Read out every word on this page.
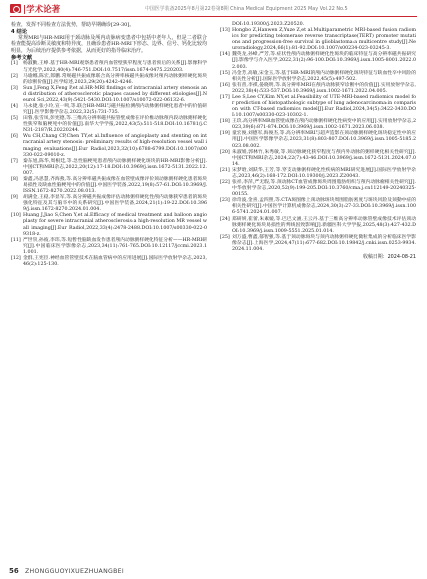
|学术论著	中国医学装备2025年8月第22卷第8期 China Medical Equipment 2025 May Vol.22 No.5

检查，发挥不同检查方法优势，帮助早期确诊[29-30]。

4 结论

常规MRI与HR-MRI用于颈动脉及颅内动脉病变患者中包括中老年人，但是二者联合检查能提高诊断灵敏度和特异度，且确诊患者HR-MRI下形态、边界、信号、钙化比较均明显，为后续治疗提供参考依据，从而更好的指导临床治疗。

参考文献
[1]	杨淑勤,王峥.基于HR-MRI观察患者颅内血管壁狭窄程度与患者预后的关系[J].影像科学与光化学,2022,40(4):746-751.DOI:10.7517/issn.1674-0475.220203.
[2]	马瑜娜,陈宏,郎鹏.常规磁共振成像联合高分辨率核磁共振成像对颅内动脉粥样硬化斑块的诊断价值[J].医学综述,2023,29(20):4242-4246.
[3]	Sun J,Feng X,Feng P,et al.HR-MRI findings of intracranial artery stenosis and distribution of atherosclerotic plaques caused by different etiologies[J].Neurol Sci,2022,43(9):5421-5430.DOI:10.1007/s10072-022-06132-6.
[4]	马永捷,张小玲,宣一鸣,等.联合HR-MRI与磁共振检测颅内动脉粥样硬化患者中的价值研究[J].医学影像学杂志,2022,32(5):731-735.
[5]	田蓉,张雪凤,彭宪德,等.三维高分辨率磁共振管壁成像在评价椎动脉颅内段动脉粥样硬化性狭窄和脑梗死中的价值[J].南华大学学报,2022,43(5):511-518.DOI:10.16781/j.CN31-2187/R.20220244.
[6]	Wu CH,Chang CP,Chen TY,et al.Influence of angioplasty and stenting on intracranial artery stenosis: preliminary results of high-resolution vessel wall imaging evaluations[J].Eur Radiol,2023,32(10):6788-6799.DOI:10.1007/s00330-022-09010-z.
[7]	秦东旭,陈华,周根廷,等.急性脑梗死患者颅内动脉粥样硬化斑块的HR-MRI影像分析[J].中国CT和MRI杂志,2022,20(12):17-18.DOI:10.3969/j.issn.1672-5131.2022.12.007.
[8]	秦鑫,冯思慧,齐海燕,等.高分辨率磁共振成像在血管壁成像评价颈动脉粥样硬化患者斑块易损性及缺血性脑梗死中的价值[J].中国医学装备,2022,19(8):57-61.DOI:10.3969/J.ISSN.1672-8270.2022.08.013.
[9]	胡满金,王稳,李显军,等.高分辨磁共振成像评估动脉粥样硬化性颅内动脉狭窄患者的斑块强化特征及其与脑卒中的关系研究[J].中国医学装备,2024,21(1):19-22.DOI:10.3969/j.issn.1672-8270.2024.01.004.
[10] Huang J,Jiao S,Chen Y,et al.Efficacy of medical treatment and balloon angioplasty for severe intracranial atherosclerosis:a high-resolution MR vessel wall imaging[J].Eur Radiol,2022,33(4):2478-2488.DOI:10.1007/s00330-022-09318-z.
[11] 严世崇,孙彼,李玮,等.短暂性脑缺血发作患者颅内动脉粥样硬化特征分析——HR-MRI研究[J].中国临床医学影像杂志,2023,34(11):761-765.DOI:10.12117/jccmi.2023.11.001.
[12] 金群,王宪臣.神经血管管壁技术在脑血管病中的应用进展[J].国际医学放射学杂志,2023,46(2):125-130.
DOI:10.19300/j.2023.Z20520.
[13] Hongbo Z,Hanwen Z,Yuze Z,et al.Multiparametric MRI-based fusion radiomics for predicting telomerase reverse transcriptase(TERT) promoter mutations and progression-free survival in glioblastoma:a multicentre study[J].Neuroradiology,2024,66(1):81-92.DOI:10.1007/s00234-023-03245-3.
[14] 魏英龙,孙峰,严芳,等.症状性颅内动脉粥样硬化性斑块的临床特征与高分辨率磁共振研究[J].影像学与介入医学,2022,31(2):96-100.DOI:10.3969/j.issn.1005-8001.2022.02.003.
[15] 冯金芳,高敏,宋金玉,等.基于HR-MRI的颅内动脉粥样硬化斑块特征与缺血性卒中风险的相关性分析[J].国际医学放射学杂志,2022,45(5):497-502.
[16] 张有普,李祺,晏晓明,等.高分辨率MRI在颅内动脉狭窄诊断中的价值[J].实用放射学杂志,2022,38(4):533-537.DOI:10.3969/j.issn.1002-1671.2022.04.005.
[17] Lee S,Lee CY,Kim NY,et al.Feasibility of UTE-MRI-based radiomics model for prediction of histopathologic subtype of lung adenocarcinoma:in comparison with CT-based radiomics model[J].Eur Radiol,2024,34(5):3422-3430.DOI:10.1007/s00330-023-10302-1.
[18] 王玖.高分辨率MR血管壁成像在颅内动脉粥样硬化性病变中的应用[J].实用放射学杂志,2023,39(6):871-874.DOI:10.3969/j.issn.1002-1671.2023.06.038.
[19] 童宏俊,刘德军,海俊杰,等.高分辨率MRI与超声造影在颈动脉粥样硬化斑块稳定性中的应用[J].中国医学影像学杂志,2023,31(8):803-807.DOI:10.3969/j.issn.1005-5185.2023.08.002.
[20] 朱淑娟,郭林竹,朱秀敏,等.颈动脉硬化狭窄程度与颅内外动脉的粥样硬化相关性研究[J].中国CT和MRI杂志,2024,22(7):43-46.DOI:10.3969/j.issn.1672-5131.2024.07.014.
[21] 宋梦晗,刘跃华,王芳,等.穿支动脉粥样硬化性疾病的MRI研究进展[J].国际医学放射学杂志,2023,46(2):168-172.DOI:10.19300/j.2023.Z20043.
[22] 张祥,李萍,严无瑕,等.颈动脉CT血管成像斑块周围脂肪组织与颅内动脉瘤相关性研究[J].中华放射学杂志,2020,52(9):199-205.DOI:10.3760/cma.j.cn112149-20240325-00155.
[23] 徐奇波,金喜,孟四照,等.CTA斑图像上颈动脉斑块周围脂肪密度与斑块风险及颈動中症的相关性研究[J].中国医学计算机成像杂志,2024,30(3):27-33.DOI:10.3969/j.issn.1006-5741.2024.01.007.
[24] 郑研妍,崔蕾,朱素媛,等.巴巴文涵,王云丹.基于三维高分辨率动脉管壁成像技术评估颈动脉粥样硬化斑块易损性的判线因致影响[J].新疆医科大学学报,2025,48(3):427-432.DOI:10.3969/j.issn.1009-5551.2025.01.014.
[25] 刘万盛,曹鑫,郁智强,等.基于颈动脉斑块与颈内动脉粥样硬化微粒集成的分析临床医学影像杂志[J].上海医学,2024,47(11):677-682.DOI:10.19842/j.cnki.issn.0253-9934.2024.11.004.
收稿日期：2024-08-21
56 ZHONGGUOYIXUEZHUANGBEI
